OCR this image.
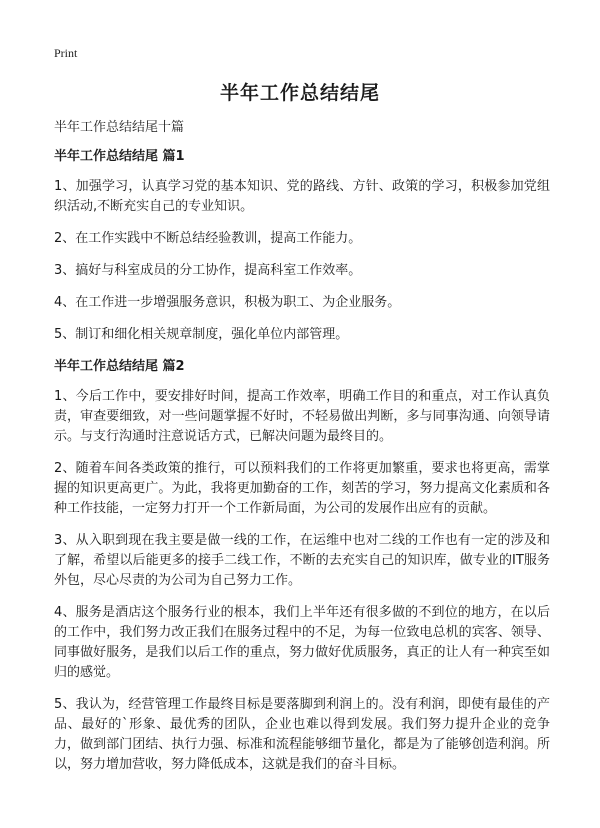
Print
半年工作总结结尾

半年工作总结结尾十篇

半年工作总结结尾 篇1

1、加强学习，认真学习党的基本知识、党的路线、方针、政策的学习，积极参加党组织活动,不断充实自己的专业知识。

2、在工作实践中不断总结经验教训，提高工作能力。

3、搞好与科室成员的分工协作，提高科室工作效率。

4、在工作进一步增强服务意识，积极为职工、为企业服务。

5、制订和细化相关规章制度，强化单位内部管理。

半年工作总结结尾 篇2

1、今后工作中，要安排好时间，提高工作效率，明确工作目的和重点，对工作认真负责，审查要细致，对一些问题掌握不好时，不轻易做出判断，多与同事沟通、向领导请示。与支行沟通时注意说话方式，已解决问题为最终目的。

2、随着车间各类政策的推行，可以预料我们的工作将更加繁重，要求也将更高，需掌握的知识更高更广。为此，我将更加勤奋的工作，刻苦的学习，努力提高文化素质和各种工作技能，一定努力打开一个工作新局面，为公司的发展作出应有的贡献。

3、从入职到现在我主要是做一线的工作，在运维中也对二线的工作也有一定的涉及和了解，希望以后能更多的接手二线工作，不断的去充实自己的知识库，做专业的IT服务外包，尽心尽责的为公司为自己努力工作。

4、服务是酒店这个服务行业的根本，我们上半年还有很多做的不到位的地方，在以后的工作中，我们努力改正我们在服务过程中的不足，为每一位致电总机的宾客、领导、同事做好服务，是我们以后工作的重点，努力做好优质服务，真正的让人有一种宾至如归的感觉。

5、我认为，经营管理工作最终目标是要落脚到利润上的。没有利润，即使有最佳的产品、最好的`形象、最优秀的团队，企业也难以得到发展。我们努力提升企业的竞争力，做到部门团结、执行力强、标准和流程能够细节量化，都是为了能够创造利润。所以，努力增加营收，努力降低成本，这就是我们的奋斗目标。
